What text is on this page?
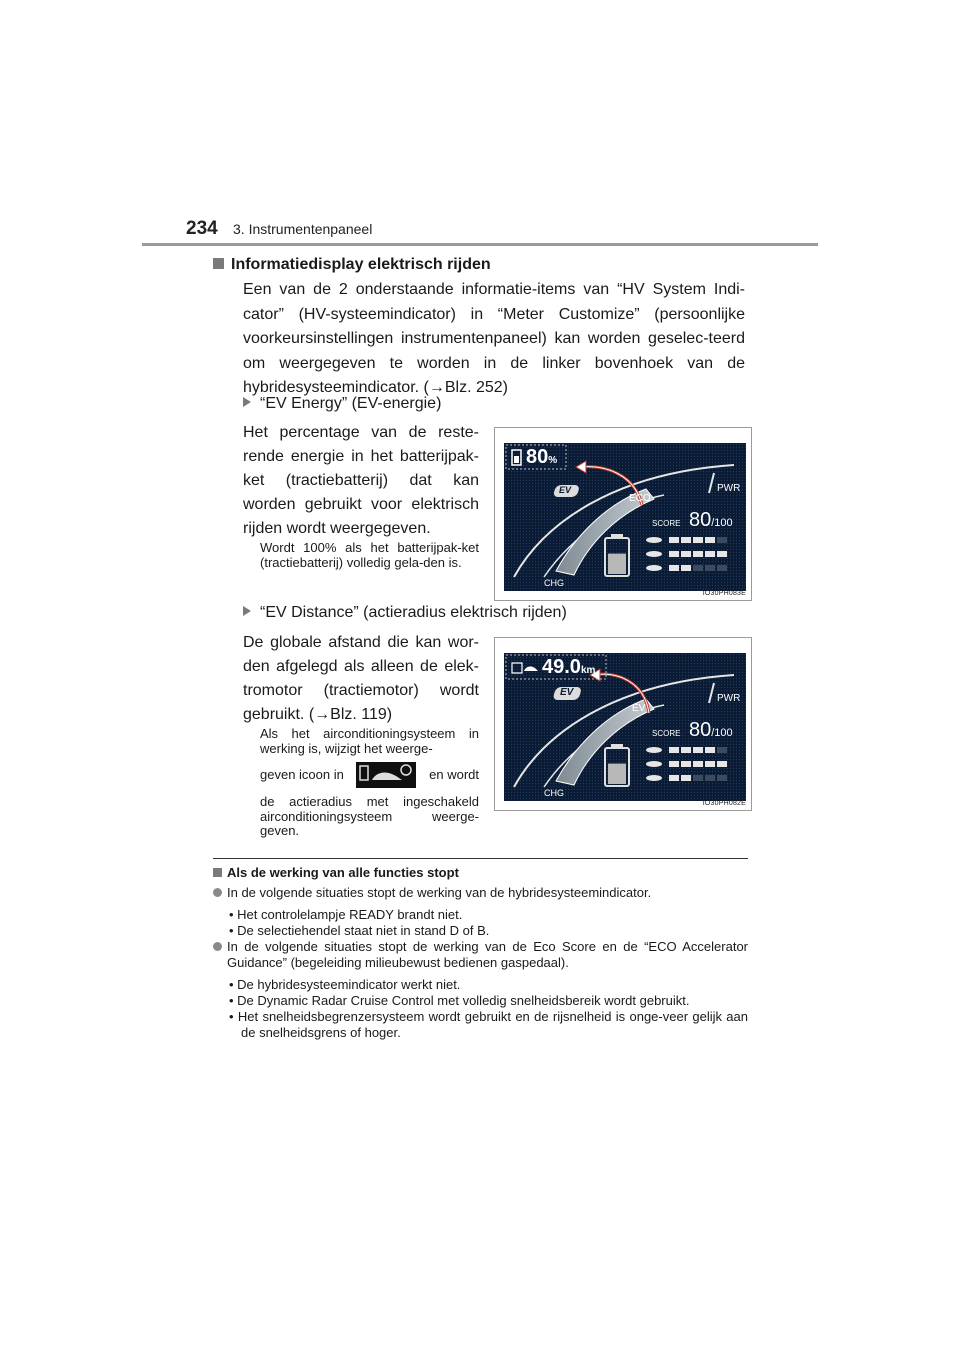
234 3. Instrumentenpaneel
Informatiedisplay elektrisch rijden
Een van de 2 onderstaande informatie-items van “HV System Indi-cator” (HV-systeemindicator) in “Meter Customize” (persoonlijke voorkeursinstellingen instrumentenpaneel) kan worden geselec-teerd om weergegeven te worden in de linker bovenhoek van de hybridesysteemindicator. (→Blz. 252)
“EV Energy” (EV-energie)
Het percentage van de reste-rende energie in het batterijpak-ket (tractiebatterij) dat kan worden gebruikt voor elektrisch rijden wordt weergegeven.
Wordt 100% als het batterijpak-ket (tractiebatterij) volledig gela-den is.
80%
EV
ECO
PWR
SCORE 80/100
CHG
IO30PH083E
“EV Distance” (actieradius elektrisch rijden)
De globale afstand die kan wor-den afgelegd als alleen de elek-tromotor (tractiemotor) wordt gebruikt. (→Blz. 119)
Als het airconditioningsysteem in werking is, wijzigt het weerge-
geven icoon in	en wordt
de actieradius met ingeschakeld airconditioningsysteem weerge-geven.
49.0km
EV
EV
PWR
SCORE 80/100
CHG
IO30PH082E
Als de werking van alle functies stopt
In de volgende situaties stopt de werking van de hybridesysteemindicator.
• Het controlelampje READY brandt niet.
• De selectiehendel staat niet in stand D of B.
In de volgende situaties stopt de werking van de Eco Score en de “ECO Accelerator Guidance” (begeleiding milieubewust bedienen gaspedaal).
• De hybridesysteemindicator werkt niet.
• De Dynamic Radar Cruise Control met volledig snelheidsbereik wordt gebruikt.
• Het snelheidsbegrenzersysteem wordt gebruikt en de rijsnelheid is onge-veer gelijk aan de snelheidsgrens of hoger.
